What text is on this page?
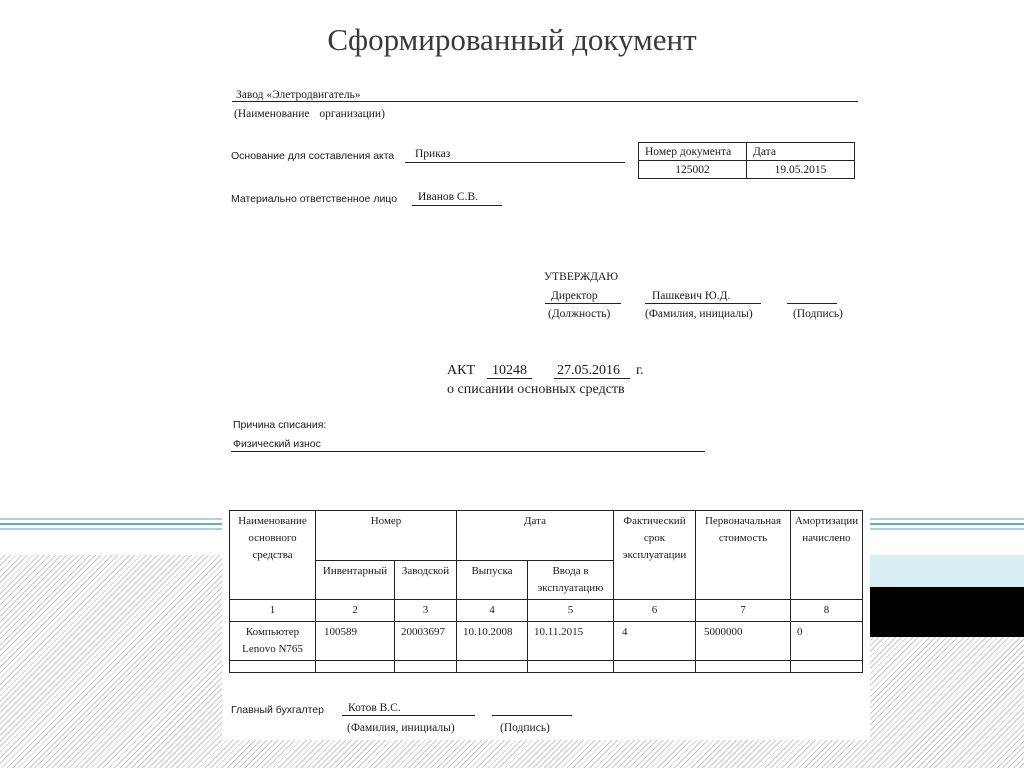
Сформированный документ
Завод «Элетродвигатель»
(Наименование организации)
Основание для составления акта Приказ	Номер документа	Дата
125002	19.05.2015
Материально ответственное лицо Иванов С.В.
УТВЕРЖДАЮ
Директор	Пашкевич Ю.Д.
(Должность)	(Фамилия, инициалы)	(Подпись)
АКТ 10248 27.05.2016 г.
о списании основных средств
Причина списания:
Физический износ
Наименование основного средства	Номер		Дата		Фактический срок эксплуатации	Первоначальная стоимость	Амортизации начислено
	Инвентарный	Заводской	Выпуска	Ввода в эксплуатацию			
1	2	3	4	5	6	7	8
Компьютер Lenovo N765	100589	20003697	10.10.2008	10.11.2015	4	5000000	0

Главный бухгалтер Котов В.С.
(Фамилия, инициалы)	(Подпись)
